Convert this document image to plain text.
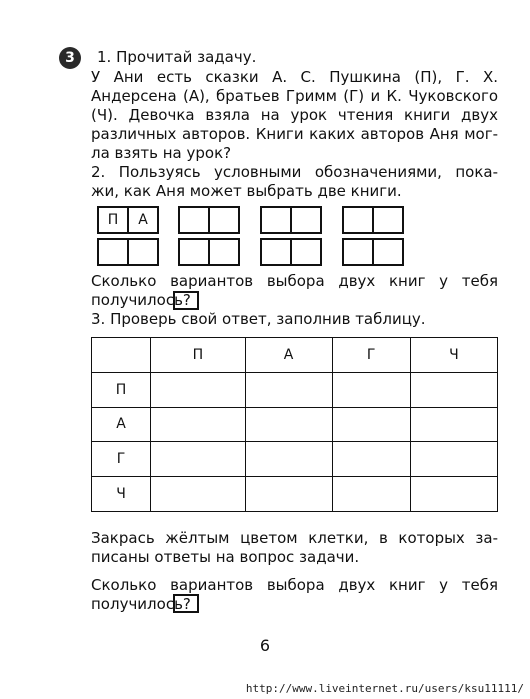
3	1. Прочитай задачу.
У Ани есть сказки А. С. Пушкина (П), Г. Х.
Андерсена (А), братьев Гримм (Г) и К. Чуковского
(Ч). Девочка взяла на урок чтения книги двух
различных авторов. Книги каких авторов Аня мог-
ла взять на урок?
2. Пользуясь условными обозначениями, пока-
жи, как Аня может выбрать две книги.
П	А
Сколько вариантов выбора двух книг у тебя
получилось?
3. Проверь свой ответ, заполнив таблицу.
	П	А	Г	Ч
П				
А				
Г				
Ч				
Закрась жёлтым цветом клетки, в которых за-
писаны ответы на вопрос задачи.
Сколько вариантов выбора двух книг у тебя
получилось?
6
http://www.liveinternet.ru/users/ksu11111/
